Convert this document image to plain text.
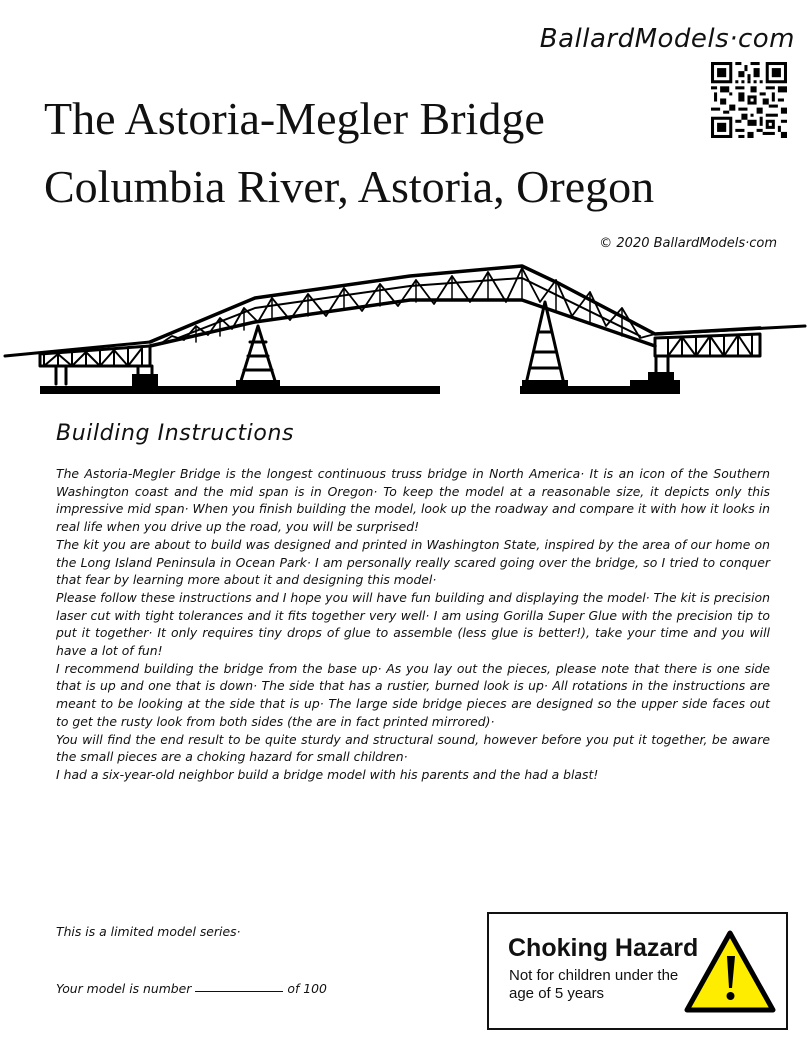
BallardModels·com
The Astoria-Megler Bridge
Columbia River, Astoria, Oregon
© 2020 BallardModels·com
Building Instructions

The Astoria-Megler Bridge is the longest continuous truss bridge in North America· It is an icon of the Southern Washington coast and the mid span is in Oregon· To keep the model at a reasonable size, it depicts only this impressive mid span· When you finish building the model, look up the roadway and compare it with how it looks in real life when you drive up the road, you will be surprised!

The kit you are about to build was designed and printed in Washington State, inspired by the area of our home on the Long Island Peninsula in Ocean Park· I am personally really scared going over the bridge, so I tried to conquer that fear by learning more about it and designing this model·

Please follow these instructions and I hope you will have fun building and displaying the model· The kit is precision laser cut with tight tolerances and it fits together very well· I am using Gorilla Super Glue with the precision tip to put it together· It only requires tiny drops of glue to assemble (less glue is better!), take your time and you will have a lot of fun!

I recommend building the bridge from the base up· As you lay out the pieces, please note that there is one side that is up and one that is down· The side that has a rustier, burned look is up· All rotations in the instructions are meant to be looking at the side that is up· The large side bridge pieces are designed so the upper side faces out to get the rusty look from both sides (the are in fact printed mirrored)·

You will find the end result to be quite sturdy and structural sound, however before you put it together, be aware the small pieces are a choking hazard for small children·

I had a six-year-old neighbor build a bridge model with his parents and the had a blast!

This is a limited model series·
Your model is number	of 100
Choking Hazard
Not for children under the age of 5 years
